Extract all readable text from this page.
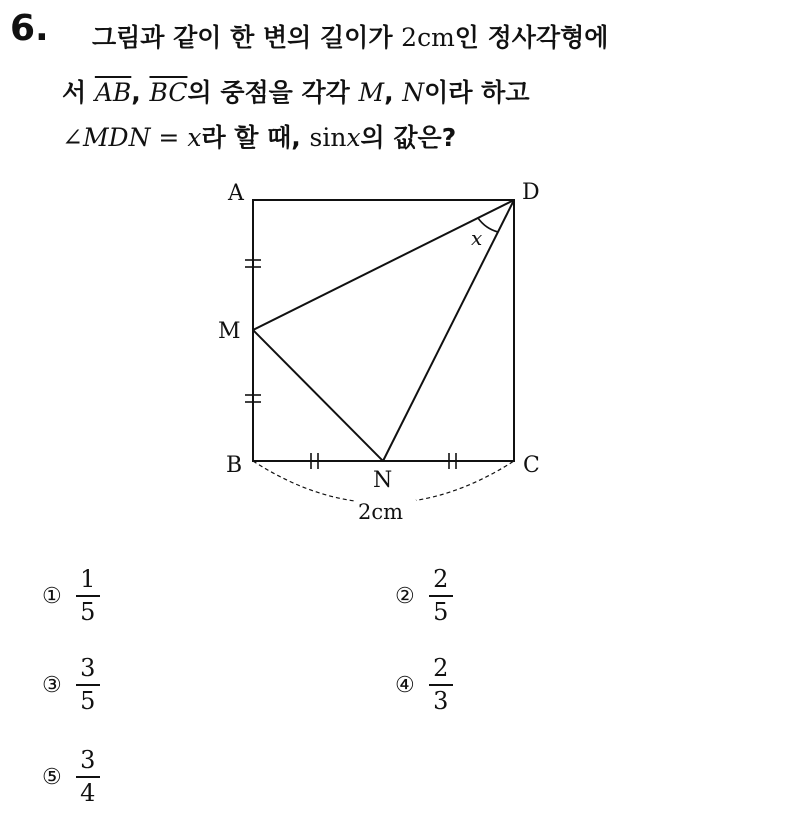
6. 그림과 같이 한 변의 길이가 2cm인 정사각형에
서 $\overline{AB}$, $\overline{BC}$의 중점을 각각 M, N이라 하고
∠MDN = x라 할 때, sinx의 값은?
A	D
M
B	C
N
x
2cm
① $\frac{1}{5}$	② $\frac{2}{5}$
③ $\frac{3}{5}$	④ $\frac{2}{3}$
⑤ $\frac{3}{4}$
